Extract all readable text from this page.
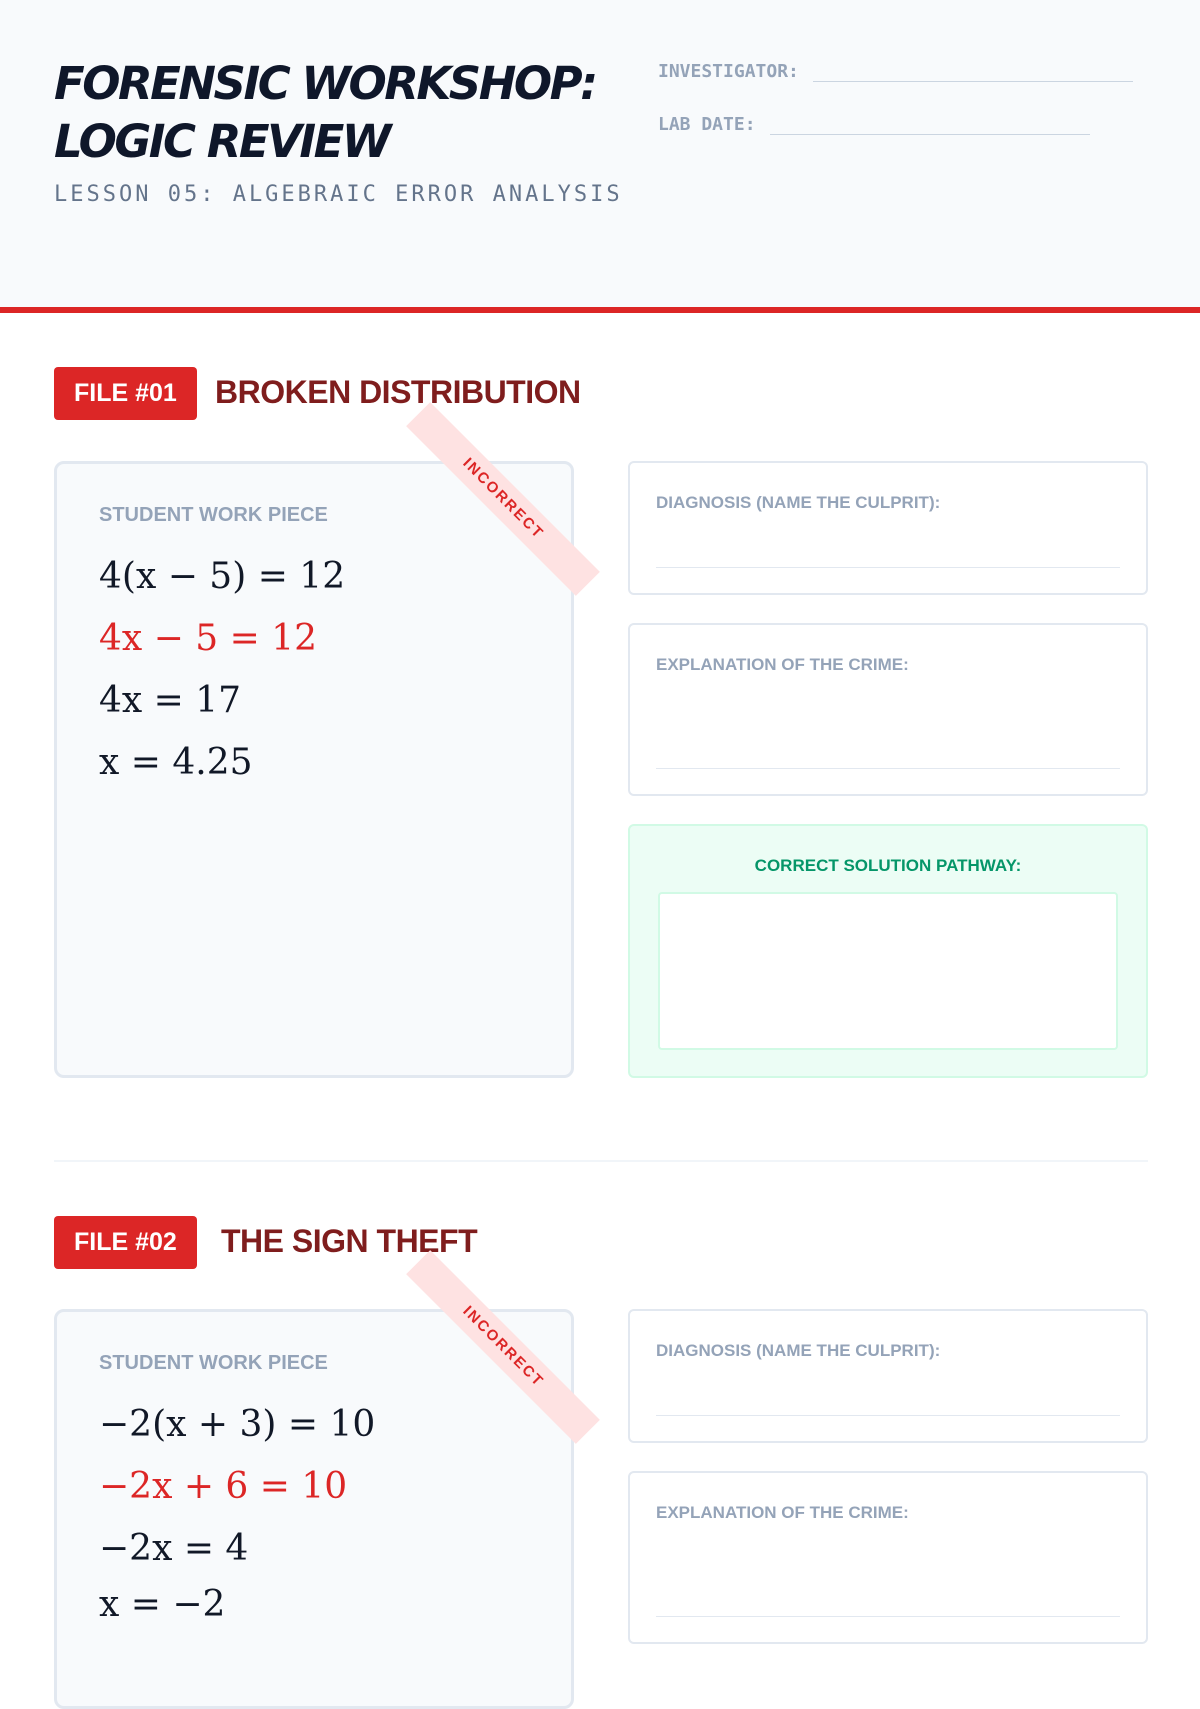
FORENSIC WORKSHOP:
LOGIC REVIEW
LESSON 05: ALGEBRAIC ERROR ANALYSIS
INVESTIGATOR:
LAB DATE:
FILE #01	BROKEN DISTRIBUTION
STUDENT WORK PIECE	INCORRECT
4(x − 5) = 12
4x − 5 = 12
4x = 17
x = 4.25
DIAGNOSIS (NAME THE CULPRIT):
EXPLANATION OF THE CRIME:
CORRECT SOLUTION PATHWAY:
FILE #02	THE SIGN THEFT
STUDENT WORK PIECE	INCORRECT
−2(x + 3) = 10
−2x + 6 = 10
−2x = 4
x = −2
DIAGNOSIS (NAME THE CULPRIT):
EXPLANATION OF THE CRIME:
